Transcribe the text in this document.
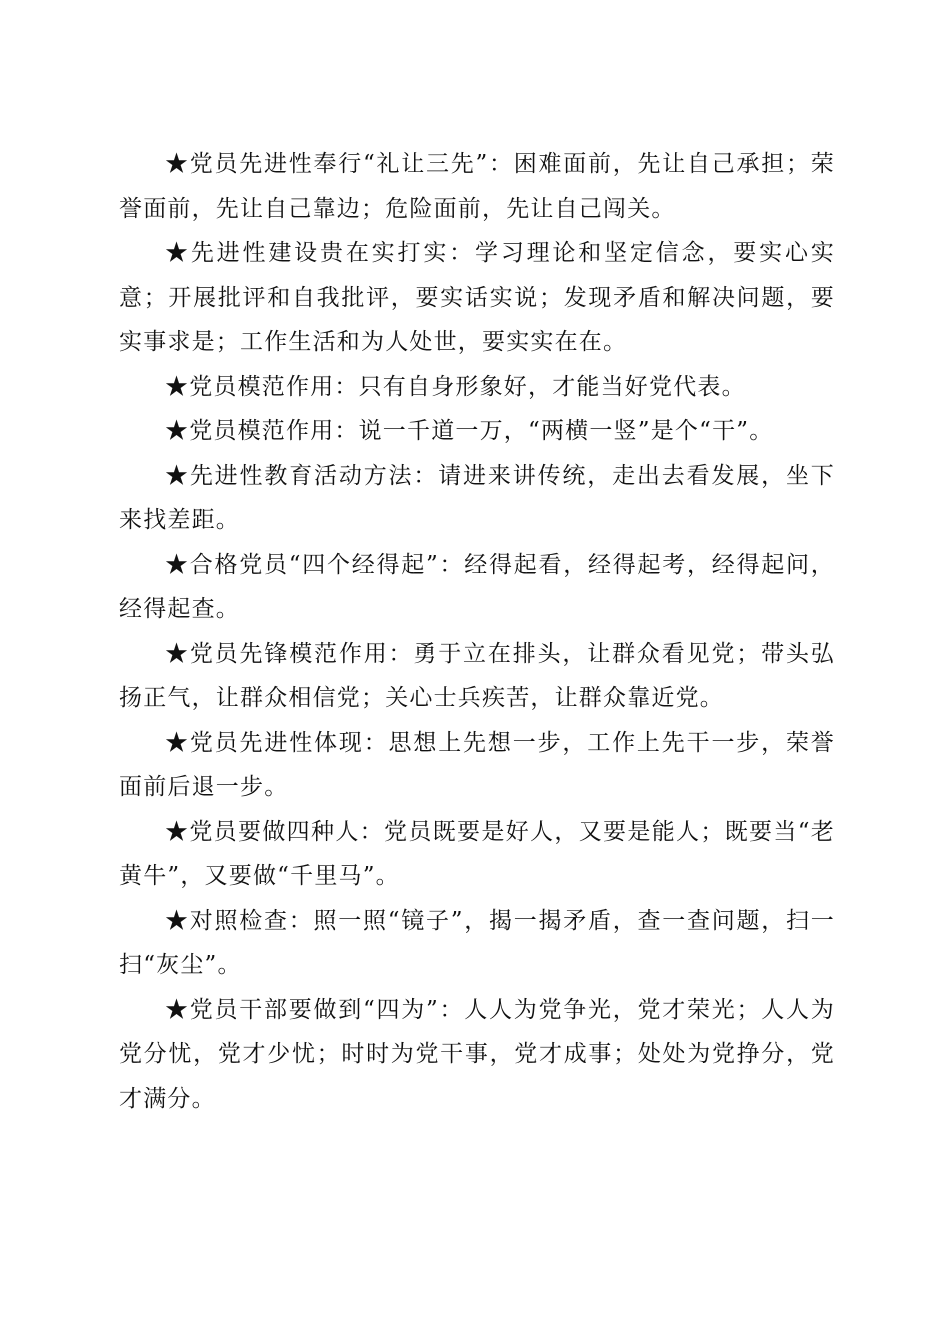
★党员先进性奉行“礼让三先”：困难面前，先让自己承担；荣誉面前，先让自己靠边；危险面前，先让自己闯关。

★先进性建设贵在实打实：学习理论和坚定信念，要实心实意；开展批评和自我批评，要实话实说；发现矛盾和解决问题，要实事求是；工作生活和为人处世，要实实在在。

★党员模范作用：只有自身形象好，才能当好党代表。

★党员模范作用：说一千道一万，“两横一竖”是个“干”。

★先进性教育活动方法：请进来讲传统，走出去看发展，坐下来找差距。

★合格党员“四个经得起”：经得起看，经得起考，经得起问，经得起查。

★党员先锋模范作用：勇于立在排头，让群众看见党；带头弘扬正气，让群众相信党；关心士兵疾苦，让群众靠近党。

★党员先进性体现：思想上先想一步，工作上先干一步，荣誉面前后退一步。

★党员要做四种人：党员既要是好人，又要是能人；既要当“老黄牛”，又要做“千里马”。

★对照检查：照一照“镜子”，揭一揭矛盾，查一查问题，扫一扫“灰尘”。

★党员干部要做到“四为”：人人为党争光，党才荣光；人人为党分忧，党才少忧；时时为党干事，党才成事；处处为党挣分，党才满分。
